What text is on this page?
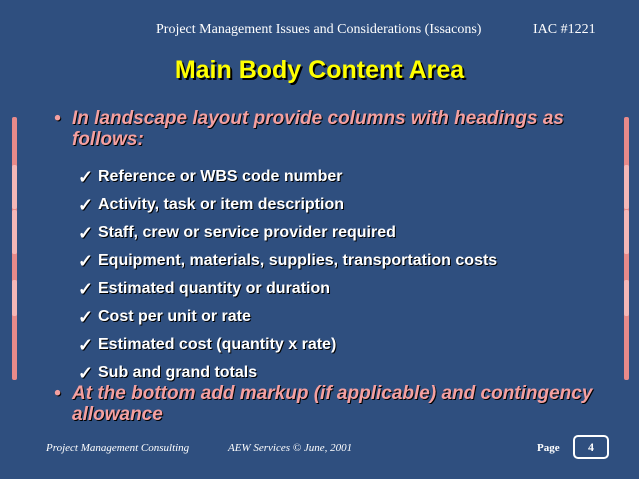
Project Management Issues and Considerations (Issacons)	IAC #1221
Main Body Content Area
• In landscape layout provide columns with headings as follows:
✓ Reference or WBS code number
✓ Activity, task or item description
✓ Staff, crew or service provider required
✓ Equipment, materials, supplies, transportation costs
✓ Estimated quantity or duration
✓ Cost per unit or rate
✓ Estimated cost (quantity x rate)
✓ Sub and grand totals
• At the bottom add markup (if applicable) and contingency allowance
Project Management Consulting	AEW Services © June, 2001	Page 4
